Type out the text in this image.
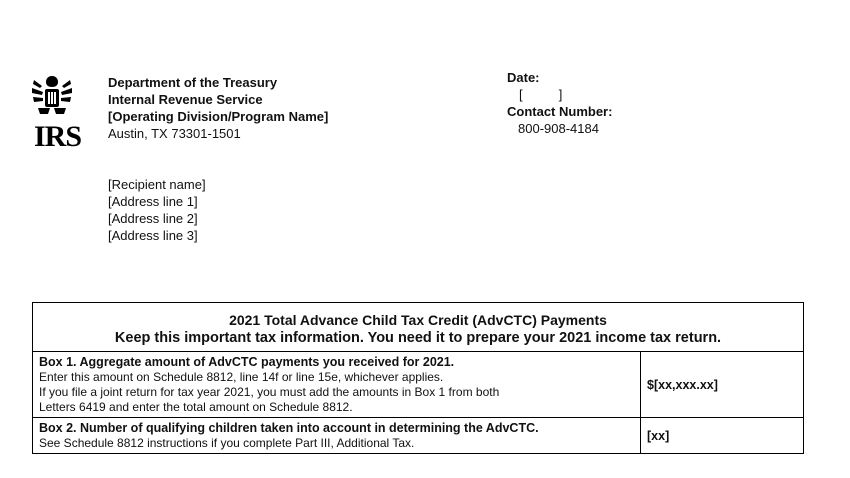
IRS
Department of the Treasury
Internal Revenue Service
[Operating Division/Program Name]
Austin, TX 73301-1501
Date:
[          ]
Contact Number:
800-908-4184
[Recipient name]
[Address line 1]
[Address line 2]
[Address line 3]
2021 Total Advance Child Tax Credit (AdvCTC) Payments
Keep this important tax information. You need it to prepare your 2021 income tax return.	

Box 1. Aggregate amount of AdvCTC payments you received for 2021.
Enter this amount on Schedule 8812, line 14f or line 15e, whichever applies.
If you file a joint return for tax year 2021, you must add the amounts in Box 1 from both
Letters 6419 and enter the total amount on Schedule 8812.	$[xx,xxx.xx]

Box 2. Number of qualifying children taken into account in determining the AdvCTC.
See Schedule 8812 instructions if you complete Part III, Additional Tax.	[xx]
